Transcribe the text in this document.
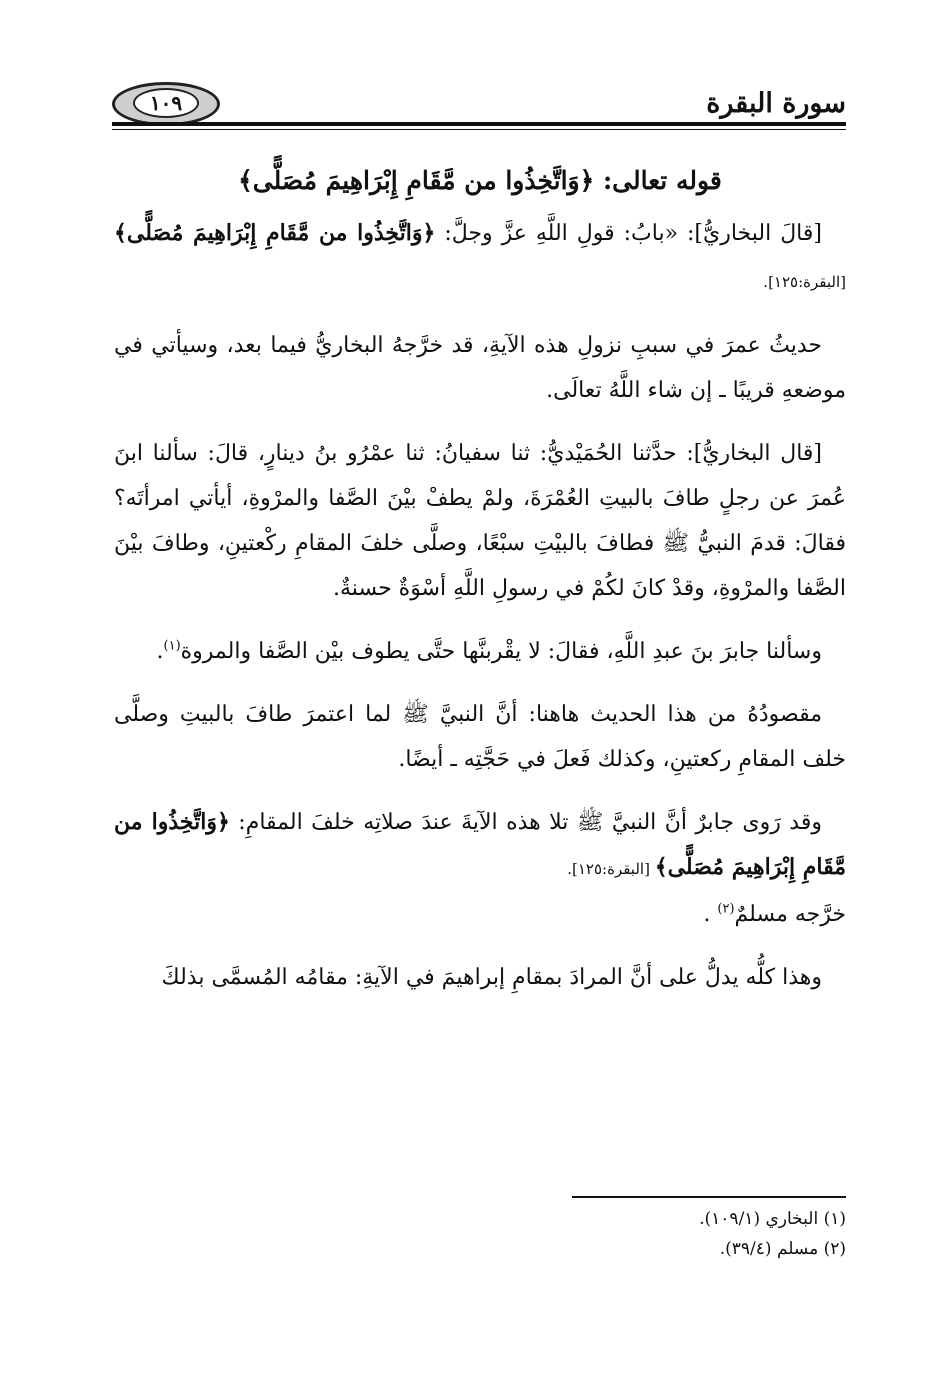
سورة البقرة
١٠٩

قوله تعالى: ﴿وَاتَّخِذُوا من مَّقَامِ إِبْرَاهِيمَ مُصَلًّى﴾

[قالَ البخاريُّ]: «بابُ: قولِ اللَّهِ عزَّ وجلَّ: ﴿وَاتَّخِذُوا من مَّقَامِ إِبْرَاهِيمَ مُصَلًّى﴾ [البقرة:١٢٥].

حديثُ عمرَ في سببِ نزولِ هذه الآيةِ، قد خرَّجهُ البخاريُّ فيما بعد، وسيأتي في موضعهِ قريبًا ـ إن شاء اللَّهُ تعالَى.

[قال البخاريُّ]: حدَّثنا الحُمَيْديُّ: ثنا سفيانُ: ثنا عمْرُو بنُ دينارٍ، قالَ: سألنا ابنَ عُمرَ عن رجلٍ طافَ بالبيتِ العُمْرَةَ، ولمْ يطفْ بيْنَ الصَّفا والمرْوةِ، أيأتي امرأتَه؟ فقالَ: قدمَ النبيُّ ﷺ فطافَ بالبيْتِ سبْعًا، وصلَّى خلفَ المقامِ ركْعتينِ، وطافَ بيْنَ الصَّفا والمرْوةِ، وقدْ كانَ لكُمْ في رسولِ اللَّهِ أسْوَةٌ حسنةٌ.

وسألنا جابرَ بنَ عبدِ اللَّهِ، فقالَ: لا يقْربنَّها حتَّى يطوف بيْن الصَّفا والمروة$^{(١)}$.

مقصودُهُ من هذا الحديث هاهنا: أنَّ النبيَّ ﷺ لما اعتمرَ طافَ بالبيتِ وصلَّى خلف المقامِ ركعتينِ، وكذلك فَعلَ في حَجَّتِه ـ أيضًا.

وقد رَوى جابرٌ أنَّ النبيَّ ﷺ تلا هذه الآيةَ عندَ صلاتِه خلفَ المقامِ: ﴿وَاتَّخِذُوا من مَّقَامِ إِبْرَاهِيمَ مُصَلًّى﴾ [البقرة:١٢٥].

خرَّجه مسلمٌ$^{(٢)}$ .

وهذا كلُّه يدلُّ على أنَّ المرادَ بمقامِ إبراهيمَ في الآيةِ: مقامُه المُسمَّى بذلكَ

(١) البخاري (١٠٩/١).

(٢) مسلم (٣٩/٤).
